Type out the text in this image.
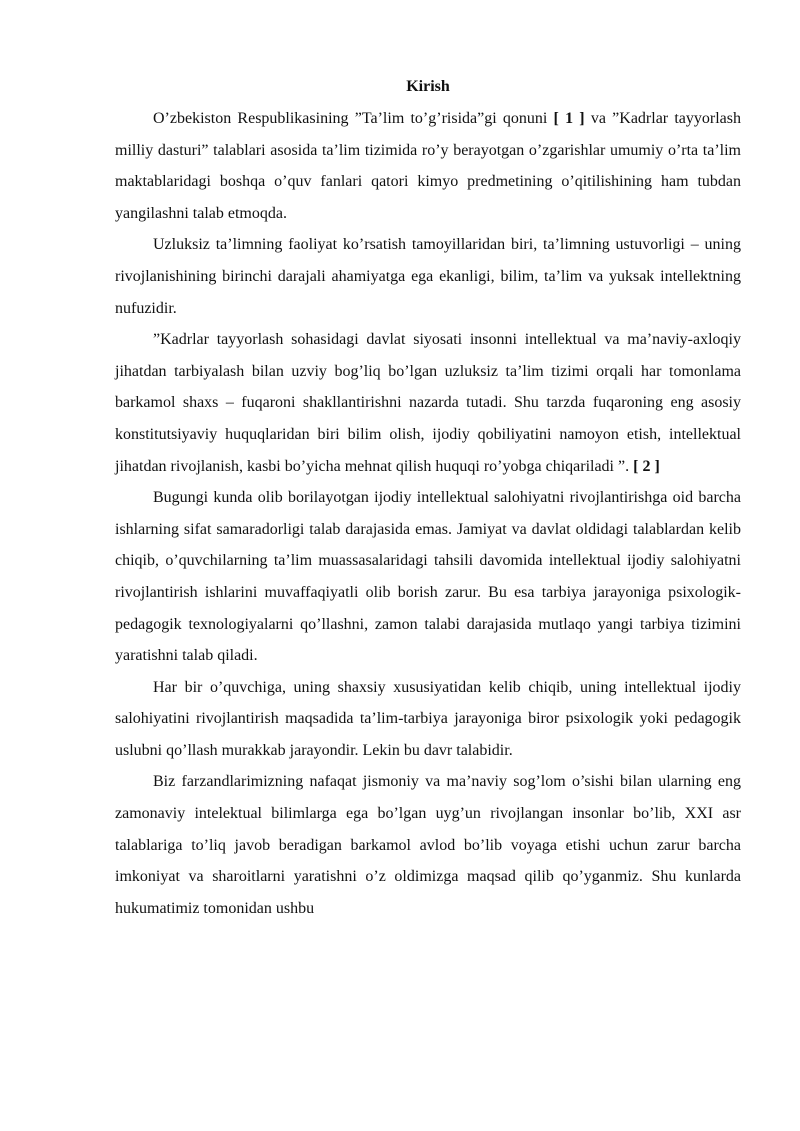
Kirish

O’zbekiston Respublikasining ”Ta’lim to’g’risida”gi qonuni [ 1 ] va ”Kadrlar tayyorlash milliy dasturi” talablari asosida ta’lim tizimida ro’y berayotgan o’zgarishlar umumiy o’rta ta’lim maktablaridagi boshqa o’quv fanlari qatori kimyo predmetining o’qitilishining ham tubdan yangilashni talab etmoqda.

Uzluksiz ta’limning faoliyat ko’rsatish tamoyillaridan biri, ta’limning ustuvorligi – uning rivojlanishining birinchi darajali ahamiyatga ega ekanligi, bilim, ta’lim va yuksak intellektning nufuzidir.

”Kadrlar tayyorlash sohasidagi davlat siyosati insonni intellektual va ma’naviy-axloqiy jihatdan tarbiyalash bilan uzviy bog’liq bo’lgan uzluksiz ta’lim tizimi orqali har tomonlama barkamol shaxs – fuqaroni shakllantirishni nazarda tutadi. Shu tarzda fuqaroning eng asosiy konstitutsiyaviy huquqlaridan biri bilim olish, ijodiy qobiliyatini namoyon etish, intellektual jihatdan rivojlanish, kasbi bo’yicha mehnat qilish huquqi ro’yobga chiqariladi ”. [ 2 ]

Bugungi kunda olib borilayotgan ijodiy intellektual salohiyatni rivojlantirishga oid barcha ishlarning sifat samaradorligi talab darajasida emas. Jamiyat va davlat oldidagi talablardan kelib chiqib, o’quvchilarning ta’lim muassasalaridagi tahsili davomida intellektual ijodiy salohiyatni rivojlantirish ishlarini muvaffaqiyatli olib borish zarur. Bu esa tarbiya jarayoniga psixologik-pedagogik texnologiyalarni qo’llashni, zamon talabi darajasida mutlaqo yangi tarbiya tizimini yaratishni talab qiladi.

Har bir o’quvchiga, uning shaxsiy xususiyatidan kelib chiqib, uning intellektual ijodiy salohiyatini rivojlantirish maqsadida ta’lim-tarbiya jarayoniga biror psixologik yoki pedagogik uslubni qo’llash murakkab jarayondir. Lekin bu davr talabidir.

Biz farzandlarimizning nafaqat jismoniy va ma’naviy sog’lom o’sishi bilan ularning eng zamonaviy intelektual bilimlarga ega bo’lgan uyg’un rivojlangan insonlar bo’lib, XXI asr talablariga to’liq javob beradigan barkamol avlod bo’lib voyaga etishi uchun zarur barcha imkoniyat va sharoitlarni yaratishni o’z oldimizga maqsad qilib qo’yganmiz. Shu kunlarda hukumatimiz tomonidan ushbu
